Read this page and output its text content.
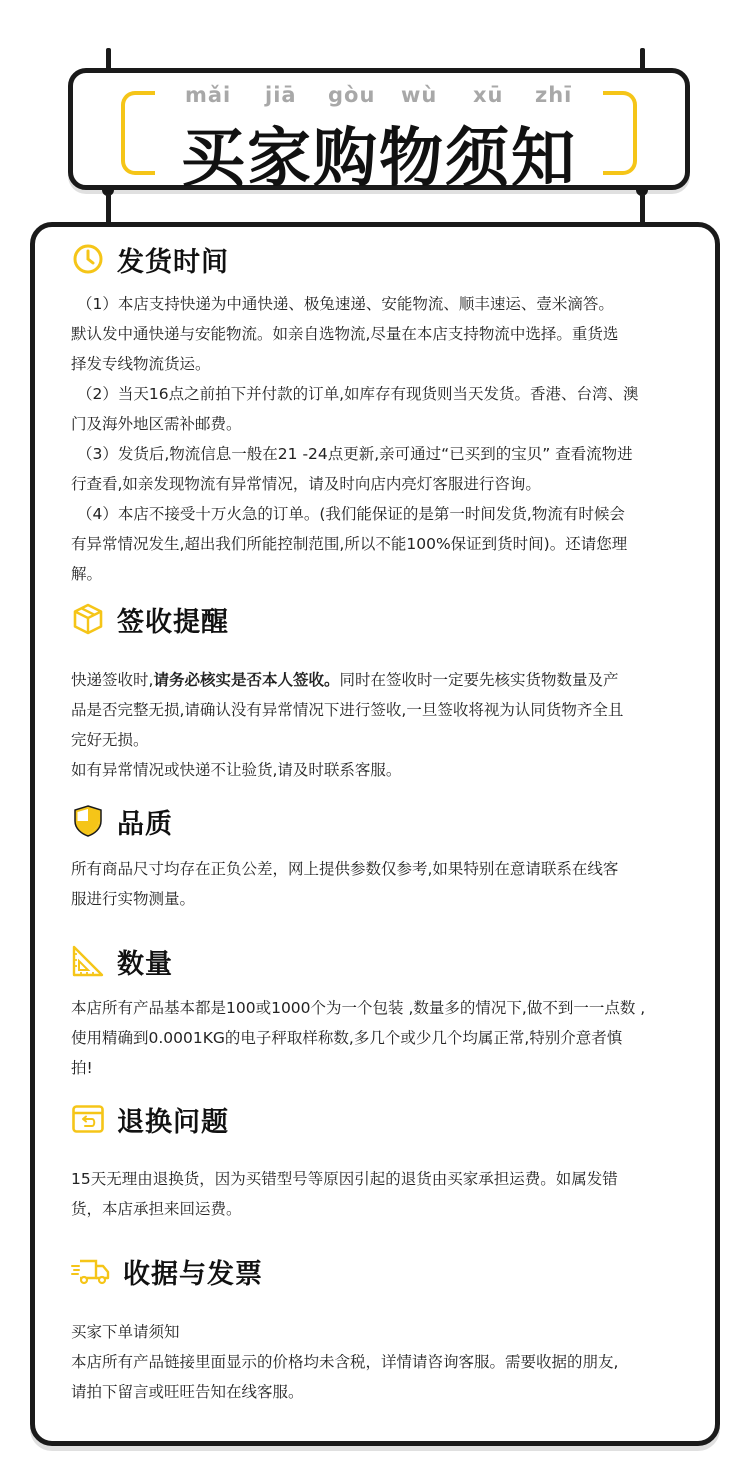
mǎi jiā gòu wù xū zhī
买家购物须知
发货时间
（1）本店支持快递为中通快递、极兔速递、安能物流、顺丰速运、壹米滴答。
默认发中通快递与安能物流。如亲自选物流,尽量在本店支持物流中选择。重货选
择发专线物流货运。
（2）当天16点之前拍下并付款的订单,如库存有现货则当天发货。香港、台湾、澳
门及海外地区需补邮费。
（3）发货后,物流信息一般在21 -24点更新,亲可通过“已买到的宝贝” 查看流物进
行查看,如亲发现物流有异常情况，请及时向店内亮灯客服进行咨询。
（4）本店不接受十万火急的订单。(我们能保证的是第一时间发货,物流有时候会
有异常情况发生,超出我们所能控制范围,所以不能100%保证到货时间)。还请您理
解。
签收提醒
快递签收时,请务必核实是否本人签收。同时在签收时一定要先核实货物数量及产
品是否完整无损,请确认没有异常情况下进行签收,一旦签收将视为认同货物齐全且
完好无损。
如有异常情况或快递不让验货,请及时联系客服。
品质
所有商品尺寸均存在正负公差，网上提供参数仅参考,如果特别在意请联系在线客
服进行实物测量。
数量
本店所有产品基本都是100或1000个为一个包装 ,数量多的情况下,做不到一一点数 ,
使用精确到0.0001KG的电子秤取样称数,多几个或少几个均属正常,特别介意者慎
拍!
退换问题
15天无理由退换货，因为买错型号等原因引起的退货由买家承担运费。如属发错
货，本店承担来回运费。
收据与发票
买家下单请须知
本店所有产品链接里面显示的价格均未含税，详情请咨询客服。需要收据的朋友,
请拍下留言或旺旺告知在线客服。
